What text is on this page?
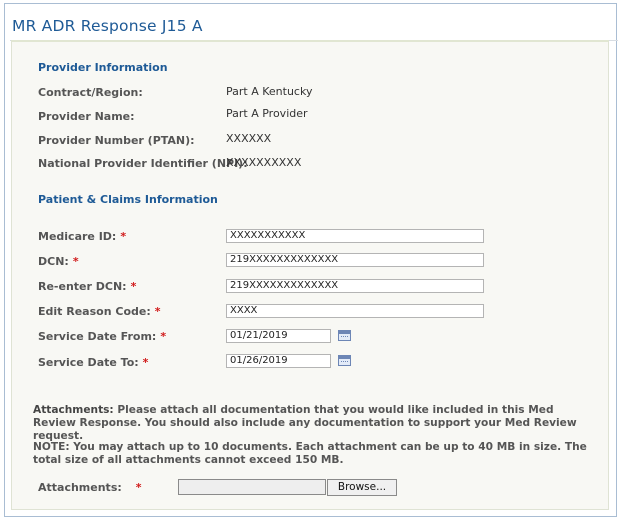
MR ADR Response J15 A
Provider Information
Contract/Region:	Part A Kentucky
Provider Name:	Part A Provider
Provider Number (PTAN):	XXXXXX
National Provider Identifier (NPI):
XXXXXXXXXX
Patient & Claims Information
Medicare ID: *
XXXXXXXXXXX
DCN: *
219XXXXXXXXXXXXX
Re-enter DCN: *
219XXXXXXXXXXXXX
Edit Reason Code: *
XXXX
Service Date From: *
01/21/2019
Service Date To: *
01/26/2019
Attachments: Please attach all documentation that you would like included in this Med Review Response. You should also include any documentation to support your Med Review request.
NOTE: You may attach up to 10 documents. Each attachment can be up to 40 MB in size. The total size of all attachments cannot exceed 150 MB.
Attachments: *	Browse...
